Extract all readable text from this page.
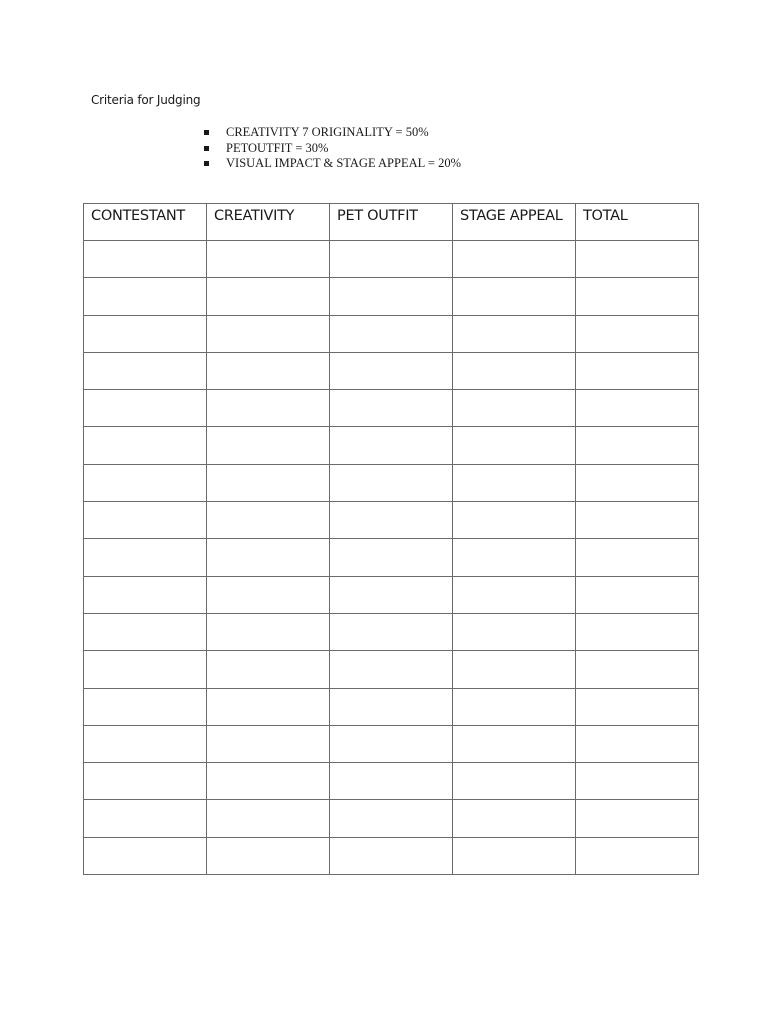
Criteria for Judging
CREATIVITY 7 ORIGINALITY = 50%
PETOUTFIT = 30%
VISUAL IMPACT & STAGE APPEAL = 20%
CONTESTANT	CREATIVITY	PET OUTFIT	STAGE APPEAL	TOTAL
